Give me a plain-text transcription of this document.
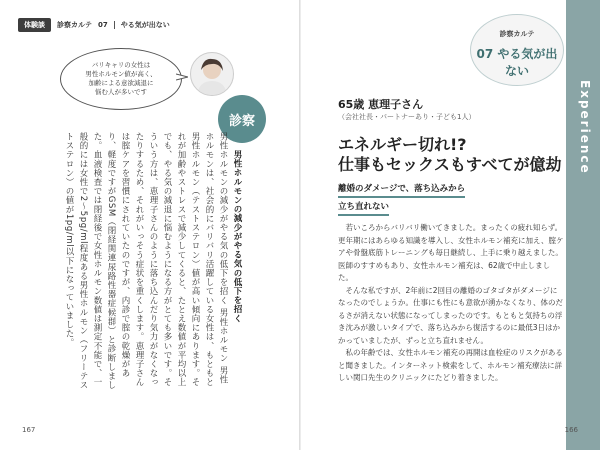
体験談	診察カルテ 07 やる気が出ない
バリキャリの女性は
男性ホルモン値が高く、
加齢による意欲減退に
悩む人が多いです
診察
男性ホルモンの減少がやる気の低下を招く
男性ホルモンの減少がやる気の低下を招く 男性ホルモン 男性ホルモンは、社会的にバリバリ活躍している女性は、もともと男性ホルモン（テストステロン）値が高い傾向にあります。それが加齢やストレスで減少してくると、たとえ数値が平均以上でも、やる気の減退に悩むようになる方がとても多いです。そういう方は、恵理子さんのように落ち込んだり気力がなくなったりするため、それがいっそう症状を重くします。恵理子さんは腟ケアを習慣にされていたのですが、内診で腟の乾燥があり、軽度ですがGSM（閉経関連尿路性器症候群）と診断しました。血液検査では閉経後で女性ホルモン数値は測定不能で、一般的には女性で2～5pg/ml程度ある男性ホルモン（フリーテストステロン）の値が1pg/ml以下になっていました。
167
Experience
診察カルテ
07 やる気が出ない
65歳 恵理子さん
（会社社長・パートナーあり・子ども1人）
エネルギー切れ!?
仕事もセックスもすべてが億劫
離婚のダメージで、落ち込みから
立ち直れない

若いころからバリバリ働いてきました。まったくの疲れ知らず。更年期にはあらゆる知識を導入し、女性ホルモン補充に加え、腟ケアや骨盤底筋トレーニングも毎日継続し、上手に乗り越えました。医師のすすめもあり、女性ホルモン補充は、62歳で中止しました。

そんな私ですが、2年前に2回目の離婚のゴタゴタがダメージになったのでしょうか。仕事にも性にも意欲が湧かなくなり、体のだるさが消えない状態になってしまったのです。もともと気持ちの浮き沈みが激しいタイプで、落ち込みから復活するのに最低3日はかかっていましたが、ずっと立ち直れません。

私の年齢では、女性ホルモン補充の再開は血栓症のリスクがあると聞きました。インターネット検索をして、ホルモン補充療法に詳しい関口先生のクリニックにたどり着きました。

166
